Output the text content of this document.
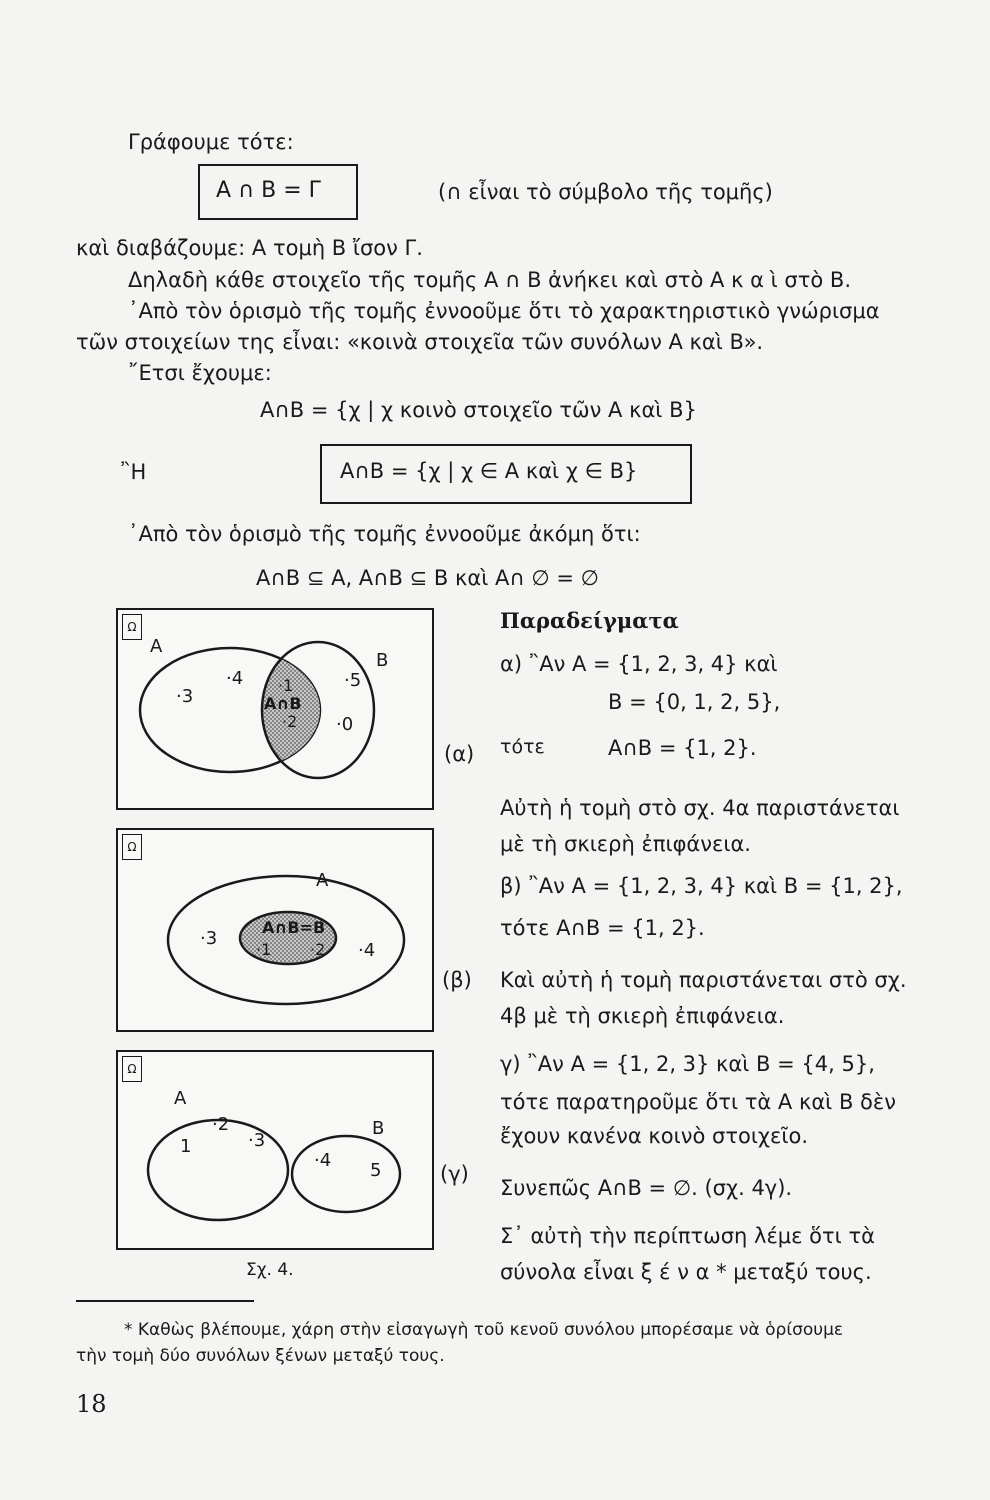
Γράφουμε τότε:
A ∩ B = Γ	(∩ εἶναι τὸ σύμβολο τῆς τομῆς)
καὶ διαβάζουμε: A τομὴ B ἴσον Γ.
Δηλαδὴ κάθε στοιχεῖο τῆς τομῆς A ∩ B ἀνήκει καὶ στὸ A κ α ὶ στὸ B.
᾿Απὸ τὸν ὁρισμὸ τῆς τομῆς ἐννοοῦμε ὅτι τὸ χαρακτηριστικὸ γνώρισμα
τῶν στοιχείων της εἶναι: «κοινὰ στοιχεῖα τῶν συνόλων A καὶ B».
῎Ετσι ἔχουμε:
A∩B = {χ | χ κοινὸ στοιχεῖο τῶν A καὶ B}
῍Η	A∩B = {χ | χ ∈ A καὶ χ ∈ B}
᾿Απὸ τὸν ὁρισμὸ τῆς τομῆς ἐννοοῦμε ἀκόμη ὅτι:
A∩B ⊆ A, A∩B ⊆ B καὶ A∩ ∅ = ∅
Ω
A
B
·4
·3
·5
·0
·1
A∩B
·2
(α)
Ω
A
·3
·1 ·2 ·4
A∩B=B
(β)
Ω
A
B
·2
·3
1
·4 5	(γ)
Σχ. 4.
Παραδείγματα
α) ῍Αν A = {1, 2, 3, 4} καὶ
B = {0, 1, 2, 5},
τότε	A∩B = {1, 2}.
Αὐτὴ ἡ τομὴ στὸ σχ. 4α παριστάνεται
μὲ τὴ σκιερὴ ἐπιφάνεια.
β) ῍Αν A = {1, 2, 3, 4} καὶ B = {1, 2},
τότε A∩B = {1, 2}.
Καὶ αὐτὴ ἡ τομὴ παριστάνεται στὸ σχ.
4β μὲ τὴ σκιερὴ ἐπιφάνεια.
γ) ῍Αν A = {1, 2, 3} καὶ B = {4, 5},
τότε παρατηροῦμε ὅτι τὰ A καὶ B δὲν
ἔχουν κανένα κοινὸ στοιχεῖο.
Συνεπῶς A∩B = ∅. (σχ. 4γ).
Σ᾿ αὐτὴ τὴν περίπτωση λέμε ὅτι τὰ
σύνολα εἶναι ξ έ ν α * μεταξύ τους.
* Καθὼς βλέπουμε, χάρη στὴν εἰσαγωγὴ τοῦ κενοῦ συνόλου μπορέσαμε νὰ ὁρίσουμε
τὴν τομὴ δύο συνόλων ξένων μεταξύ τους.
18
